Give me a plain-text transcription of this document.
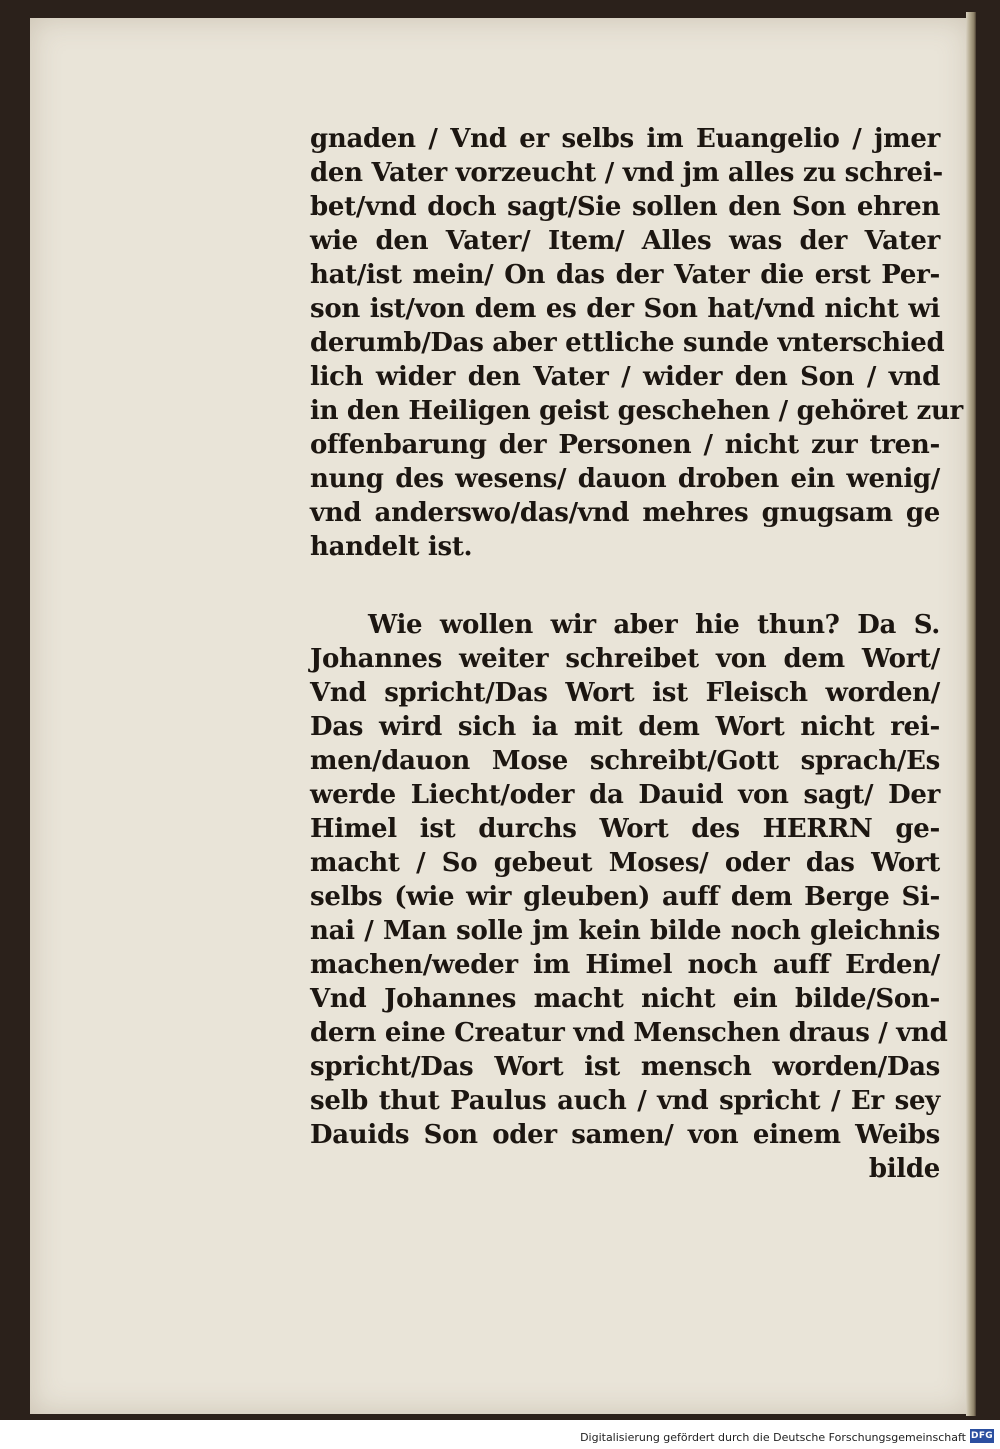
gnaden / Vnd er selbs im Euangelio / jmer
den Vater vorzeucht / vnd jm alles zu schrei-
bet/vnd doch sagt/Sie sollen den Son ehren
wie den Vater/ Item/ Alles was der Vater
hat/ist mein/ On das der Vater die erst Per-
son ist/von dem es der Son hat/vnd nicht wi
derumb/Das aber ettliche sunde vnterschied
lich wider den Vater / wider den Son / vnd
in den Heiligen geist geschehen / gehöret zur
offenbarung der Personen / nicht zur tren-
nung des wesens/ dauon droben ein wenig/
vnd anderswo/das/vnd mehres gnugsam ge
handelt ist.
Wie wollen wir aber hie thun? Da S.
Johannes weiter schreibet von dem Wort/
Vnd spricht/Das Wort ist Fleisch worden/
Das wird sich ia mit dem Wort nicht rei-
men/dauon Mose schreibt/Gott sprach/Es
werde Liecht/oder da Dauid von sagt/ Der
Himel ist durchs Wort des HERRN ge-
macht / So gebeut Moses/ oder das Wort
selbs (wie wir gleuben) auff dem Berge Si-
nai / Man solle jm kein bilde noch gleichnis
machen/weder im Himel noch auff Erden/
Vnd Johannes macht nicht ein bilde/Son-
dern eine Creatur vnd Menschen draus / vnd
spricht/Das Wort ist mensch worden/Das
selb thut Paulus auch / vnd spricht / Er sey
Dauids Son oder samen/ von einem Weibs
bilde
Digitalisierung gefördert durch die Deutsche Forschungsgemeinschaft DFG
